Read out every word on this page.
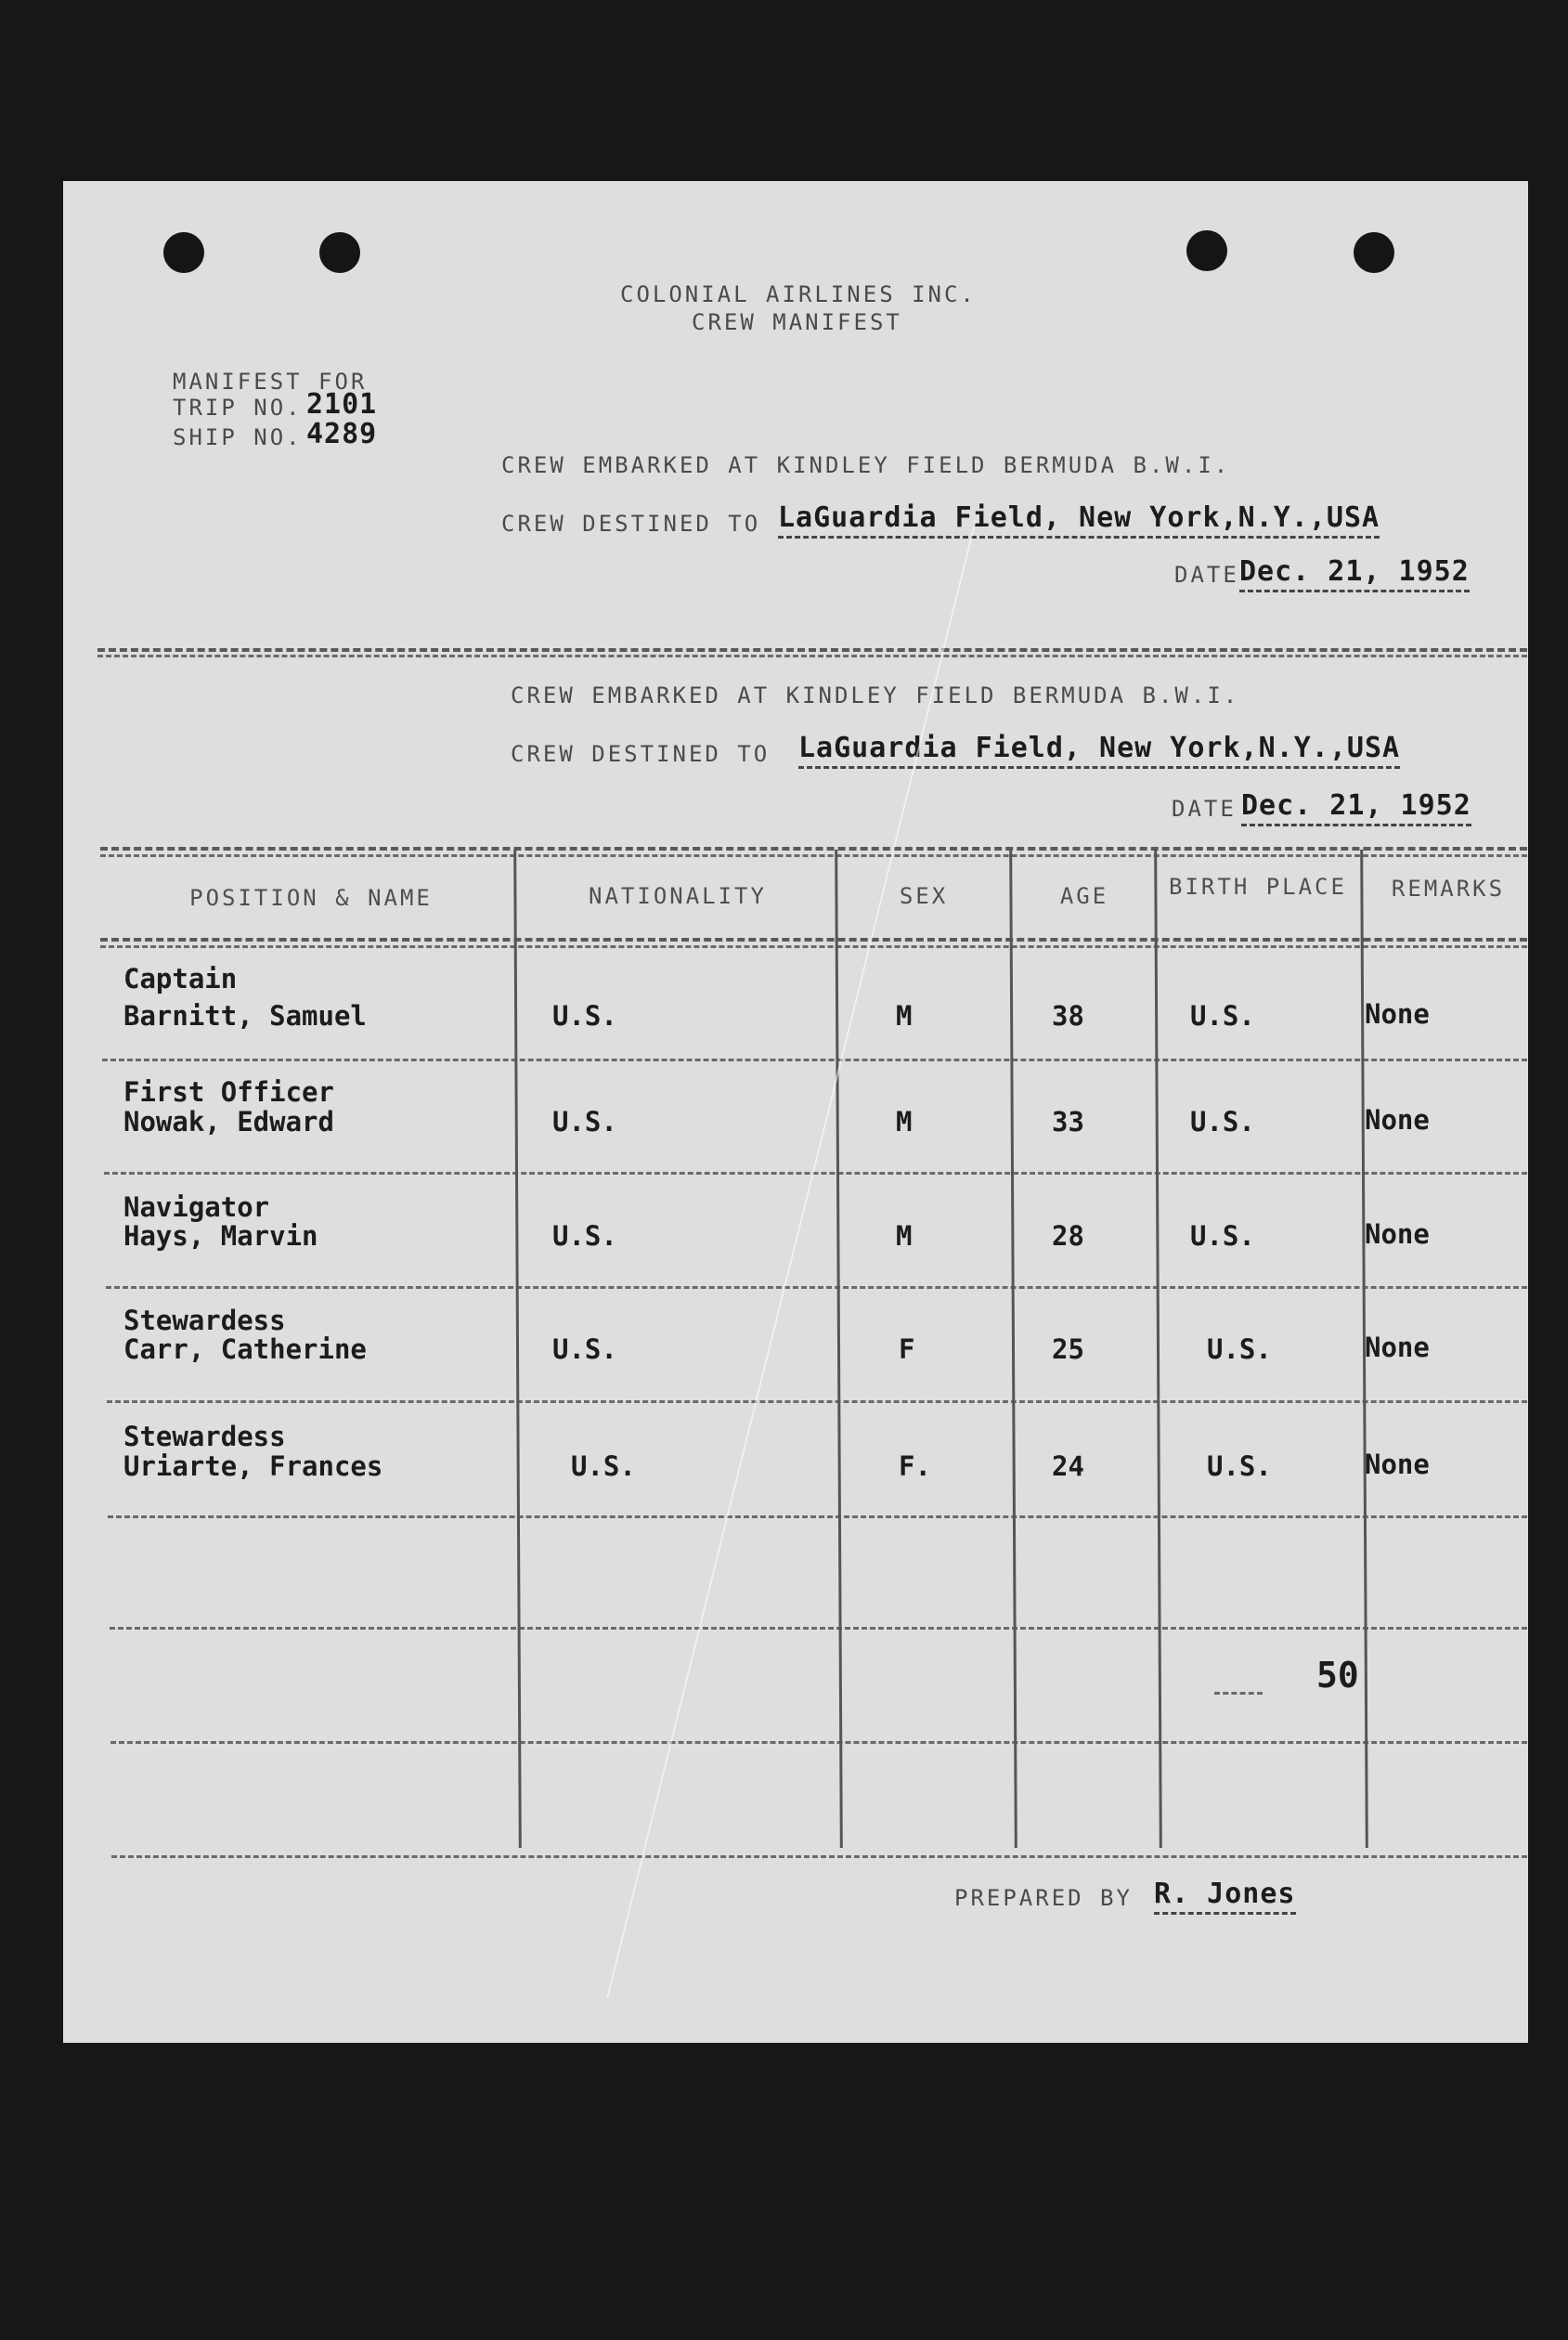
COLONIAL AIRLINES INC.
CREW MANIFEST
MANIFEST FOR
TRIP NO. 2101
SHIP NO. 4289
CREW EMBARKED AT KINDLEY FIELD BERMUDA B.W.I.
CREW DESTINED TO LaGuardia Field, New York,N.Y.,USA
DATE Dec. 21, 1952
CREW EMBARKED AT KINDLEY FIELD BERMUDA B.W.I.
CREW DESTINED TO LaGuardia Field, New York,N.Y.,USA
DATE Dec. 21, 1952
POSITION & NAME	NATIONALITY	SEX	AGE	BIRTH PLACE	REMARKS
Captain
Barnitt, Samuel	U.S.	M	38	U.S.	None
First Officer
Nowak, Edward	U.S.	M	33	U.S.	None
Navigator
Hays, Marvin	U.S.	M	28	U.S.	None
Stewardess
Carr, Catherine	U.S.	F	25	U.S.	None
Stewardess
Uriarte, Frances	U.S.	F.	24	U.S.	None
50
PREPARED BY R. Jones
